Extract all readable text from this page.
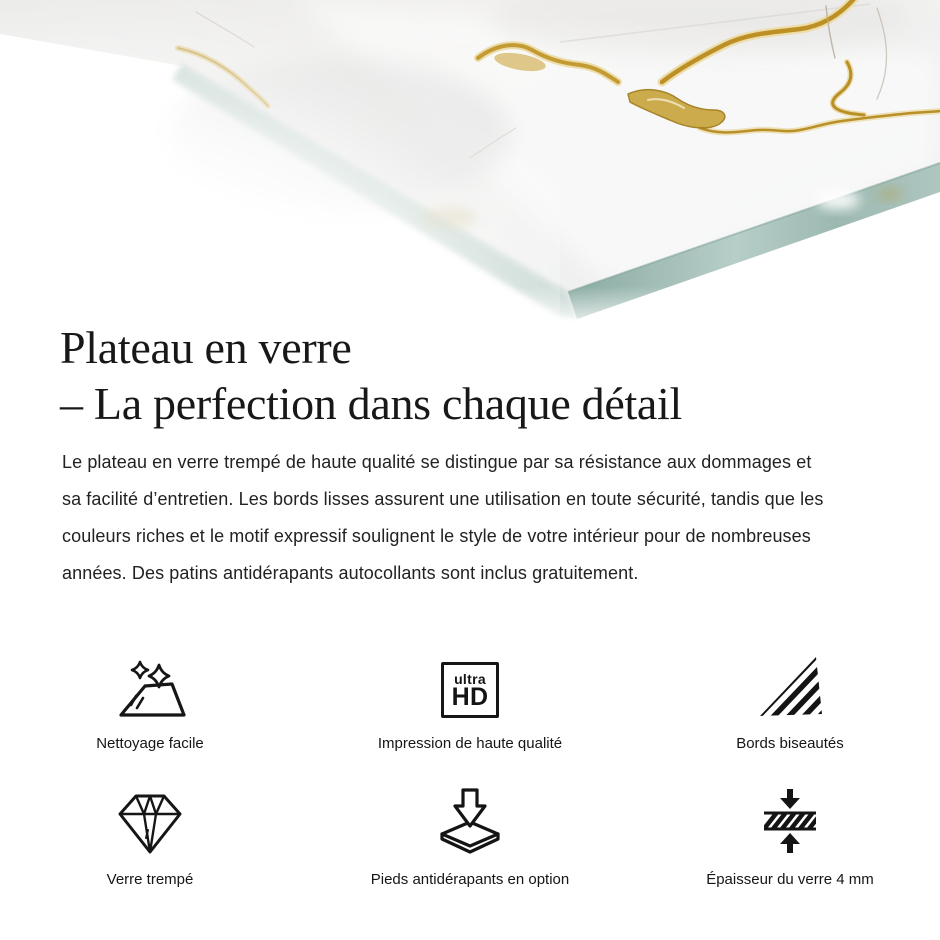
Plateau en verre
– La perfection dans chaque détail

Le plateau en verre trempé de haute qualité se distingue par sa résistance aux dommages et
sa facilité d’entretien. Les bords lisses assurent une utilisation en toute sécurité, tandis que les
couleurs riches et le motif expressif soulignent le style de votre intérieur pour de nombreuses
années. Des patins antidérapants autocollants sont inclus gratuitement.

Nettoyage facile
ultra
HD
Impression de haute qualité	Bords biseautés
Verre trempé	Pieds antidérapants en option	Épaisseur du verre 4 mm
